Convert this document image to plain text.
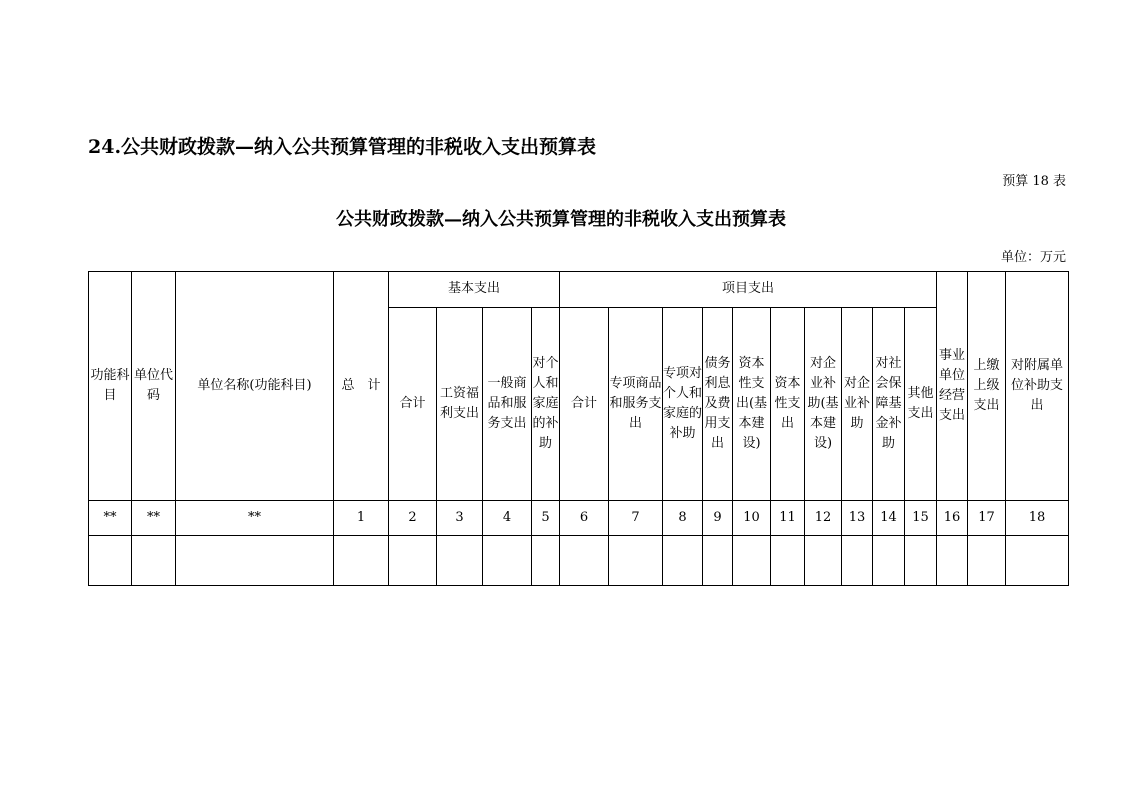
24.公共财政拨款—纳入公共预算管理的非税收入支出预算表
预算 18 表
公共财政拨款—纳入公共预算管理的非税收入支出预算表
单位：万元
功能科目	单位代码	单位名称(功能科目)	总　计	基本支出				项目支出										事业单位经营支出	上缴上级支出	对附属单位补助支出
				合计	工资福利支出	一般商品和服务支出	对个人和家庭的补助	合计	专项商品和服务支出	专项对个人和家庭的补助	债务利息及费用支出	资本性支出(基本建设)	资本性支出	对企业补助(基本建设)	对企业补助	对社会保障基金补助	其他支出			
**	**	**	1	2	3	4	5	6	7	8	9	10	11	12	13	14	15	16	17	18
